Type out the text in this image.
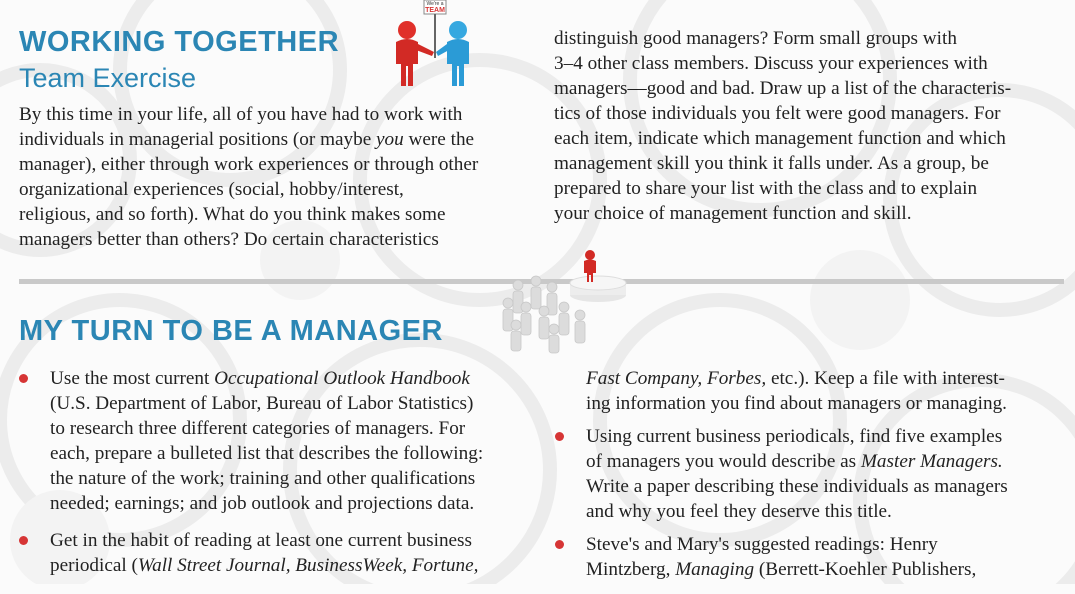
WORKING TOGETHER
Team Exercise
We're a
TEAM
By this time in your life, all of you have had to work with
individuals in managerial positions (or maybe you were the
manager), either through work experiences or through other
organizational experiences (social, hobby/interest,
religious, and so forth). What do you think makes some
managers better than others? Do certain characteristics
distinguish good managers? Form small groups with
3–4 other class members. Discuss your experiences with
managers—good and bad. Draw up a list of the characteris-
tics of those individuals you felt were good managers. For
each item, indicate which management function and which
management skill you think it falls under. As a group, be
prepared to share your list with the class and to explain
your choice of management function and skill.
MY TURN TO BE A MANAGER
Use the most current Occupational Outlook Handbook
(U.S. Department of Labor, Bureau of Labor Statistics)
to research three different categories of managers. For
each, prepare a bulleted list that describes the following:
the nature of the work; training and other qualifications
needed; earnings; and job outlook and projections data.
Get in the habit of reading at least one current business
periodical (Wall Street Journal, BusinessWeek, Fortune,
Fast Company, Forbes, etc.). Keep a file with interest-
ing information you find about managers or managing.
Using current business periodicals, find five examples
of managers you would describe as Master Managers.
Write a paper describing these individuals as managers
and why you feel they deserve this title.
Steve's and Mary's suggested readings: Henry
Mintzberg, Managing (Berrett-Koehler Publishers,
